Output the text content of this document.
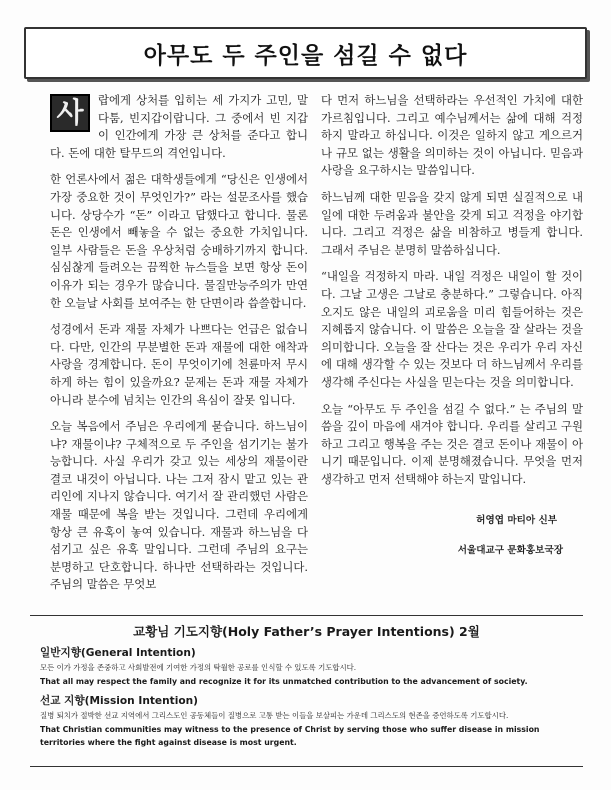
아무도 두 주인을 섬길 수 없다

사 랍에게 상처를 입히는 세 가지가 고민, 말다툼, 빈지갑이랍니다. 그 중에서 빈 지갑이 인간에게 가장 큰 상처를 준다고 합니다. 돈에 대한 탈무드의 격언입니다.

한 언론사에서 젊은 대학생들에게 “당신은 인생에서 가장 중요한 것이 무엇인가?” 라는 설문조사를 했습니다. 상당수가 “돈” 이라고 답했다고 합니다. 물론 돈은 인생에서 빼놓을 수 없는 중요한 가치입니다. 일부 사람들은 돈을 우상처럼 숭배하기까지 합니다. 심심찮게 들려오는 끔찍한 뉴스들을 보면 항상 돈이 이유가 되는 경우가 많습니다. 물질만능주의가 만연한 오늘날 사회를 보여주는 한 단면이라 씁쓸합니다.

성경에서 돈과 재물 자체가 나쁘다는 언급은 없습니다. 다만, 인간의 무분별한 돈과 재물에 대한 애착과 사랑을 경계합니다. 돈이 무엇이기에 천륜마저 무시하게 하는 힘이 있을까요? 문제는 돈과 재물 자체가 아니라 분수에 넘치는 인간의 욕심이 잘못 입니다.

오늘 복음에서 주님은 우리에게 묻습니다. 하느님이냐? 재물이냐? 구체적으로 두 주인을 섬기기는 불가능합니다. 사실 우리가 갖고 있는 세상의 재물이란 결코 내것이 아닙니다. 나는 그저 잠시 맡고 있는 관리인에 지나지 않습니다. 여기서 잘 관리했던 사람은 재물 때문에 복을 받는 것입니다. 그런데 우리에게 항상 큰 유혹이 놓여 있습니다. 재물과 하느님을 다 섬기고 싶은 유혹 말입니다. 그런데 주님의 요구는 분명하고 단호합니다. 하나만 선택하라는 것입니다. 주님의 말씀은 무엇보

다 먼저 하느님을 선택하라는 우선적인 가치에 대한 가르침입니다. 그리고 예수님께서는 삶에 대해 걱정하지 말라고 하십니다. 이것은 일하지 않고 게으르거나 규모 없는 생활을 의미하는 것이 아닙니다. 믿음과 사랑을 요구하시는 말씀입니다.

하느님께 대한 믿음을 갖지 않게 되면 실질적으로 내일에 대한 두려움과 불안을 갖게 되고 걱정을 야기합니다. 그리고 걱정은 삶을 비참하고 병들게 합니다. 그래서 주님은 분명히 말씀하십니다.

“내일을 걱정하지 마라. 내일 걱정은 내일이 할 것이다. 그날 고생은 그날로 충분하다.” 그렇습니다. 아직 오지도 않은 내일의 괴로움을 미리 힘들어하는 것은 지혜롭지 않습니다. 이 말씀은 오늘을 잘 살라는 것을 의미합니다. 오늘을 잘 산다는 것은 우리가 우리 자신에 대해 생각할 수 있는 것보다 더 하느님께서 우리를 생각해 주신다는 사실을 믿는다는 것을 의미합니다.

오늘 “아무도 두 주인을 섬길 수 없다.” 는 주님의 말씀을 깊이 마음에 새겨야 합니다. 우리를 살리고 구원하고 그리고 행복을 주는 것은 결코 돈이나 재물이 아니기 때문입니다. 이제 분명해졌습니다. 무엇을 먼저 생각하고 먼저 선택해야 하는지 말입니다.

허영엽 마티아 신부
서울대교구 문화홍보국장
교황님 기도지향(Holy Father’s Prayer Intentions) 2월
일반지향(General Intention)
모든 이가 가정을 존중하고 사회발전에 기여한 가정의 탁월한 공로를 인식할 수 있도록 기도합시다.
That all may respect the family and recognize it for its unmatched contribution to the advancement of society.
선교 지향(Mission Intention)
질병 퇴치가 절박한 선교 지역에서 그리스도인 공동체들이 질병으로 고통 받는 이들을 보살피는 가운데 그리스도의 현존을 증언하도록 기도합시다.
That Christian communities may witness to the presence of Christ by serving those who suffer disease in mission territories where the fight against disease is most urgent.
